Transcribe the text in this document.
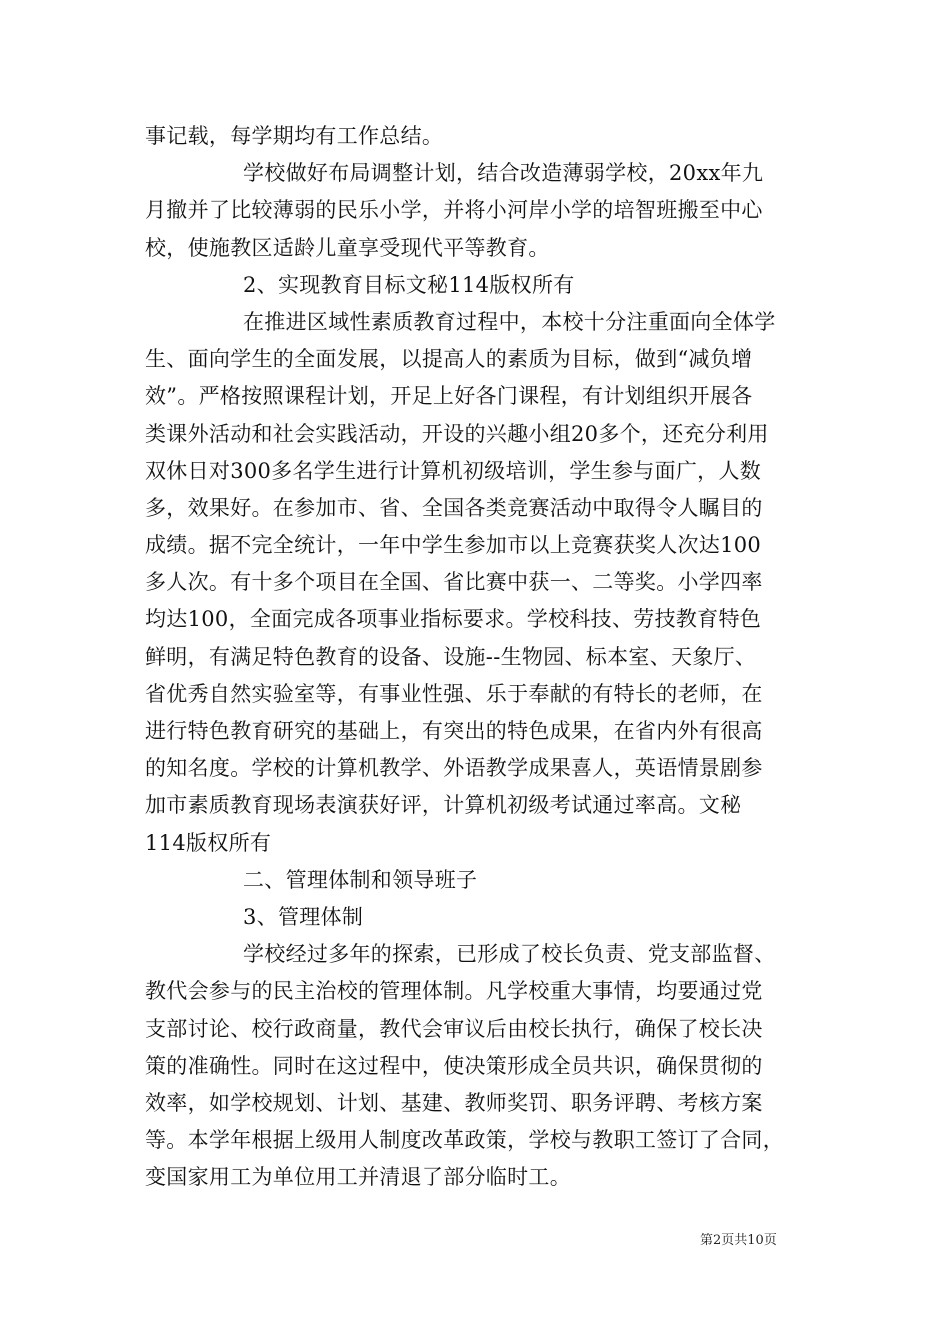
事记载，每学期均有工作总结。
学校做好布局调整计划，结合改造薄弱学校，20xx年九
月撤并了比较薄弱的民乐小学，并将小河岸小学的培智班搬至中心
校，使施教区适龄儿童享受现代平等教育。
2、实现教育目标文秘114版权所有
在推进区域性素质教育过程中，本校十分注重面向全体学
生、面向学生的全面发展，以提高人的素质为目标，做到“减负增
效”。严格按照课程计划，开足上好各门课程，有计划组织开展各
类课外活动和社会实践活动，开设的兴趣小组20多个，还充分利用
双休日对300多名学生进行计算机初级培训，学生参与面广，人数
多，效果好。在参加市、省、全国各类竞赛活动中取得令人瞩目的
成绩。据不完全统计，一年中学生参加市以上竞赛获奖人次达100
多人次。有十多个项目在全国、省比赛中获一、二等奖。小学四率
均达100，全面完成各项事业指标要求。学校科技、劳技教育特色
鲜明，有满足特色教育的设备、设施--生物园、标本室、天象厅、
省优秀自然实验室等，有事业性强、乐于奉献的有特长的老师，在
进行特色教育研究的基础上，有突出的特色成果，在省内外有很高
的知名度。学校的计算机教学、外语教学成果喜人，英语情景剧参
加市素质教育现场表演获好评，计算机初级考试通过率高。文秘
114版权所有
二、管理体制和领导班子
3、管理体制
学校经过多年的探索，已形成了校长负责、党支部监督、
教代会参与的民主治校的管理体制。凡学校重大事情，均要通过党
支部讨论、校行政商量，教代会审议后由校长执行，确保了校长决
策的准确性。同时在这过程中，使决策形成全员共识，确保贯彻的
效率，如学校规划、计划、基建、教师奖罚、职务评聘、考核方案
等。本学年根据上级用人制度改革政策，学校与教职工签订了合同，
变国家用工为单位用工并清退了部分临时工。
第2页共10页
